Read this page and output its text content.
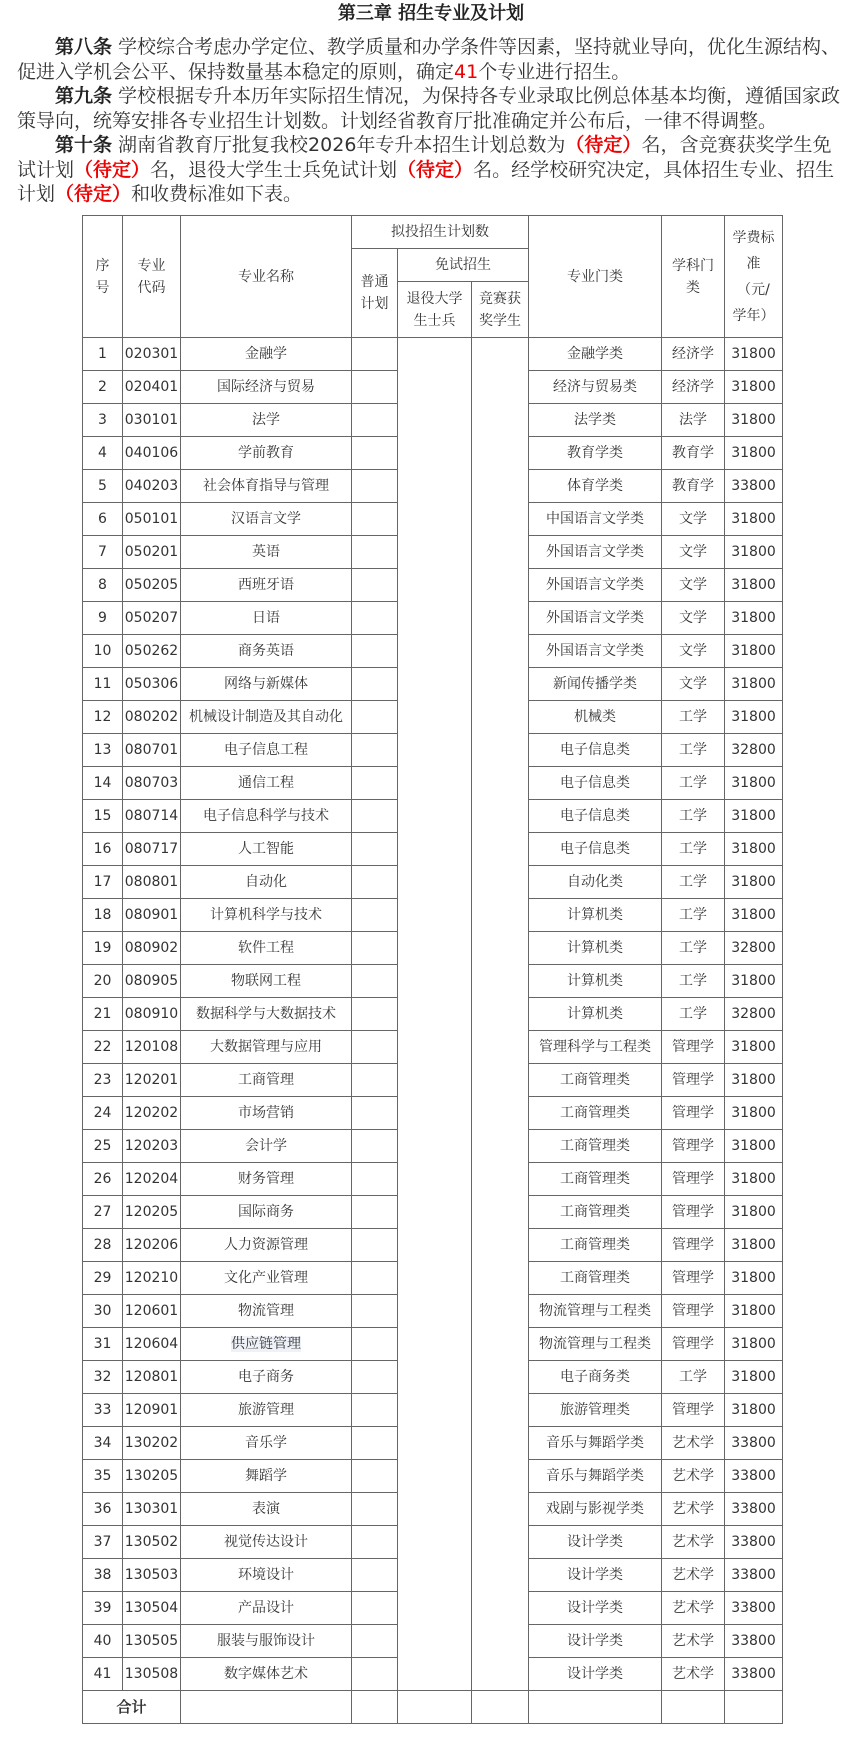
第三章 招生专业及计划

第八条 学校综合考虑办学定位、教学质量和办学条件等因素，坚持就业导向，优化生源结构、促进入学机会公平、保持数量基本稳定的原则，确定41个专业进行招生。

第九条 学校根据专升本历年实际招生情况，为保持各专业录取比例总体基本均衡，遵循国家政策导向，统筹安排各专业招生计划数。计划经省教育厅批准确定并公布后，一律不得调整。

第十条 湖南省教育厅批复我校2026年专升本招生计划总数为（待定）名，含竞赛获奖学生免试计划（待定）名，退役大学生士兵免试计划（待定）名。经学校研究决定，具体招生专业、招生计划（待定）和收费标准如下表。

序号	专业代码	专业名称	拟投招生计划数			专业门类	学科门类	学费标准（元/学年）
			普通计划	免试招生				
				退役大学生士兵	竞赛获奖学生			
1	020301	金融学				金融学类	经济学	31800
2	020401	国际经济与贸易				经济与贸易类	经济学	31800
3	030101	法学				法学类	法学	31800
4	040106	学前教育				教育学类	教育学	31800
5	040203	社会体育指导与管理				体育学类	教育学	33800
6	050101	汉语言文学				中国语言文学类	文学	31800
7	050201	英语				外国语言文学类	文学	31800
8	050205	西班牙语				外国语言文学类	文学	31800
9	050207	日语				外国语言文学类	文学	31800
10	050262	商务英语				外国语言文学类	文学	31800
11	050306	网络与新媒体				新闻传播学类	文学	31800
12	080202	机械设计制造及其自动化				机械类	工学	31800
13	080701	电子信息工程				电子信息类	工学	32800
14	080703	通信工程				电子信息类	工学	31800
15	080714	电子信息科学与技术				电子信息类	工学	31800
16	080717	人工智能				电子信息类	工学	31800
17	080801	自动化				自动化类	工学	31800
18	080901	计算机科学与技术				计算机类	工学	31800
19	080902	软件工程				计算机类	工学	32800
20	080905	物联网工程				计算机类	工学	31800
21	080910	数据科学与大数据技术				计算机类	工学	32800
22	120108	大数据管理与应用				管理科学与工程类	管理学	31800
23	120201	工商管理				工商管理类	管理学	31800
24	120202	市场营销				工商管理类	管理学	31800
25	120203	会计学				工商管理类	管理学	31800
26	120204	财务管理				工商管理类	管理学	31800
27	120205	国际商务				工商管理类	管理学	31800
28	120206	人力资源管理				工商管理类	管理学	31800
29	120210	文化产业管理				工商管理类	管理学	31800
30	120601	物流管理				物流管理与工程类	管理学	31800
31	120604	供应链管理				物流管理与工程类	管理学	31800
32	120801	电子商务				电子商务类	工学	31800
33	120901	旅游管理				旅游管理类	管理学	31800
34	130202	音乐学				音乐与舞蹈学类	艺术学	33800
35	130205	舞蹈学				音乐与舞蹈学类	艺术学	33800
36	130301	表演				戏剧与影视学类	艺术学	33800
37	130502	视觉传达设计				设计学类	艺术学	33800
38	130503	环境设计				设计学类	艺术学	33800
39	130504	产品设计				设计学类	艺术学	33800
40	130505	服装与服饰设计				设计学类	艺术学	33800
41	130508	数字媒体艺术				设计学类	艺术学	33800
合计								
